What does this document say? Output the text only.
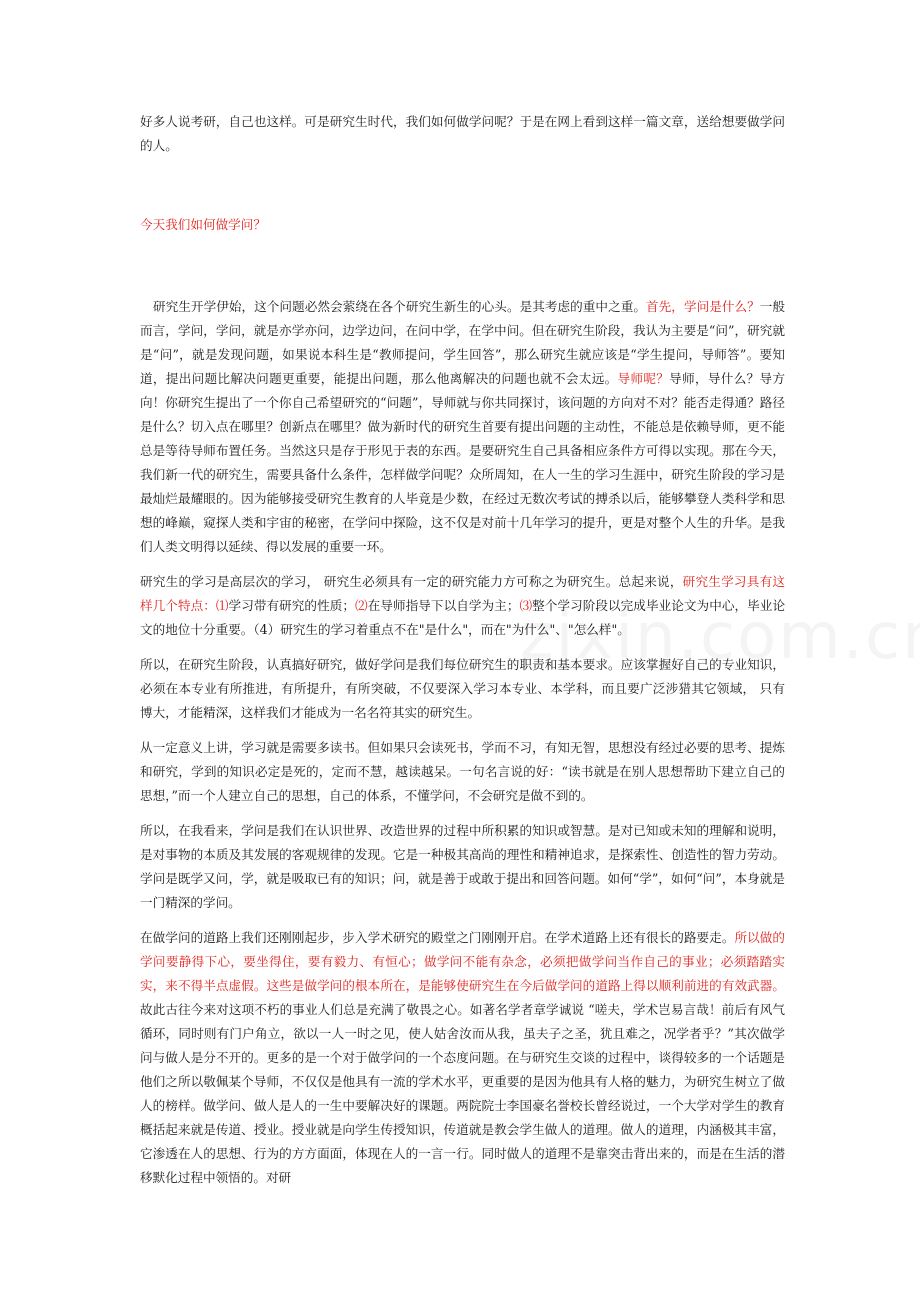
好多人说考研，自己也这样。可是研究生时代，我们如何做学问呢？于是在网上看到这样一篇文章，送给想要做学问的人。

今天我们如何做学问？

研究生开学伊始，这个问题必然会萦绕在各个研究生新生的心头。是其考虑的重中之重。首先，学问是什么？一般而言，学问，学问，就是亦学亦问，边学边问，在问中学，在学中问。但在研究生阶段，我认为主要是“问”，研究就是“问”，就是发现问题，如果说本科生是“教师提问，学生回答”，那么研究生就应该是“学生提问，导师答”。要知道，提出问题比解决问题更重要，能提出问题，那么他离解决的问题也就不会太远。导师呢？导师，导什么？导方向！你研究生提出了一个你自己希望研究的“问题”，导师就与你共同探讨，该问题的方向对不对？能否走得通？路径是什么？切入点在哪里？创新点在哪里？做为新时代的研究生首要有提出问题的主动性，不能总是依赖导师，更不能总是等待导师布置任务。当然这只是存于形见于表的东西。是要研究生自己具备相应条件方可得以实现。那在今天，我们新一代的研究生，需要具备什么条件，怎样做学问呢？众所周知，在人一生的学习生涯中，研究生阶段的学习是最灿烂最耀眼的。因为能够接受研究生教育的人毕竟是少数，在经过无数次考试的搏杀以后，能够攀登人类科学和思想的峰巅，窥探人类和宇宙的秘密，在学问中探险，这不仅是对前十几年学习的提升，更是对整个人生的升华。是我们人类文明得以延续、得以发展的重要一环。

研究生的学习是高层次的学习， 研究生必须具有一定的研究能力方可称之为研究生。总起来说，研究生学习具有这样几个特点：⑴学习带有研究的性质；⑵在导师指导下以自学为主；⑶整个学习阶段以完成毕业论文为中心，毕业论文的地位十分重要。（4）研究生的学习着重点不在"是什么"，而在"为什么"、"怎么样"。

所以，在研究生阶段，认真搞好研究，做好学问是我们每位研究生的职责和基本要求。应该掌握好自己的专业知识，必须在本专业有所推进，有所提升，有所突破，不仅要深入学习本专业、本学科，而且要广泛涉猎其它领域， 只有博大，才能精深，这样我们才能成为一名名符其实的研究生。

从一定意义上讲，学习就是需要多读书。但如果只会读死书，学而不习，有知无智，思想没有经过必要的思考、提炼和研究，学到的知识必定是死的，定而不慧，越读越呆。一句名言说的好：“读书就是在别人思想帮助下建立自己的思想，”而一个人建立自己的思想，自己的体系，不懂学问，不会研究是做不到的。

所以，在我看来，学问是我们在认识世界、改造世界的过程中所积累的知识或智慧。是对已知或未知的理解和说明，是对事物的本质及其发展的客观规律的发现。它是一种极其高尚的理性和精神追求，是探索性、创造性的智力劳动。学问是既学又问，学，就是吸取已有的知识；问，就是善于或敢于提出和回答问题。如何“学”，如何“问”，本身就是一门精深的学问。

在做学问的道路上我们还刚刚起步，步入学术研究的殿堂之门刚刚开启。在学术道路上还有很长的路要走。所以做的学问要静得下心，要坐得住，要有毅力、有恒心；做学问不能有杂念，必须把做学问当作自己的事业；必须踏踏实实，来不得半点虚假。这些是做学问的根本所在，是能够使研究生在今后做学问的道路上得以顺利前进的有效武器。故此古往今来对这项不朽的事业人们总是充满了敬畏之心。如著名学者章学诚说 “嗟夫，学术岂易言哉！前后有风气循环，同时则有门户角立，欲以一人一时之见，使人姑舍汝而从我，虽夫子之圣，犹且难之，况学者乎？”其次做学问与做人是分不开的。更多的是一个对于做学问的一个态度问题。在与研究生交谈的过程中，谈得较多的一个话题是他们之所以敬佩某个导师，不仅仅是他具有一流的学术水平，更重要的是因为他具有人格的魅力，为研究生树立了做人的榜样。做学问、做人是人的一生中要解决好的课题。两院院士李国豪名誉校长曾经说过，一个大学对学生的教育概括起来就是传道、授业。授业就是向学生传授知识，传道就是教会学生做人的道理。做人的道理，内涵极其丰富，它渗透在人的思想、行为的方方面面，体现在人的一言一行。同时做人的道理不是靠突击背出来的，而是在生活的潜移默化过程中领悟的。对研
